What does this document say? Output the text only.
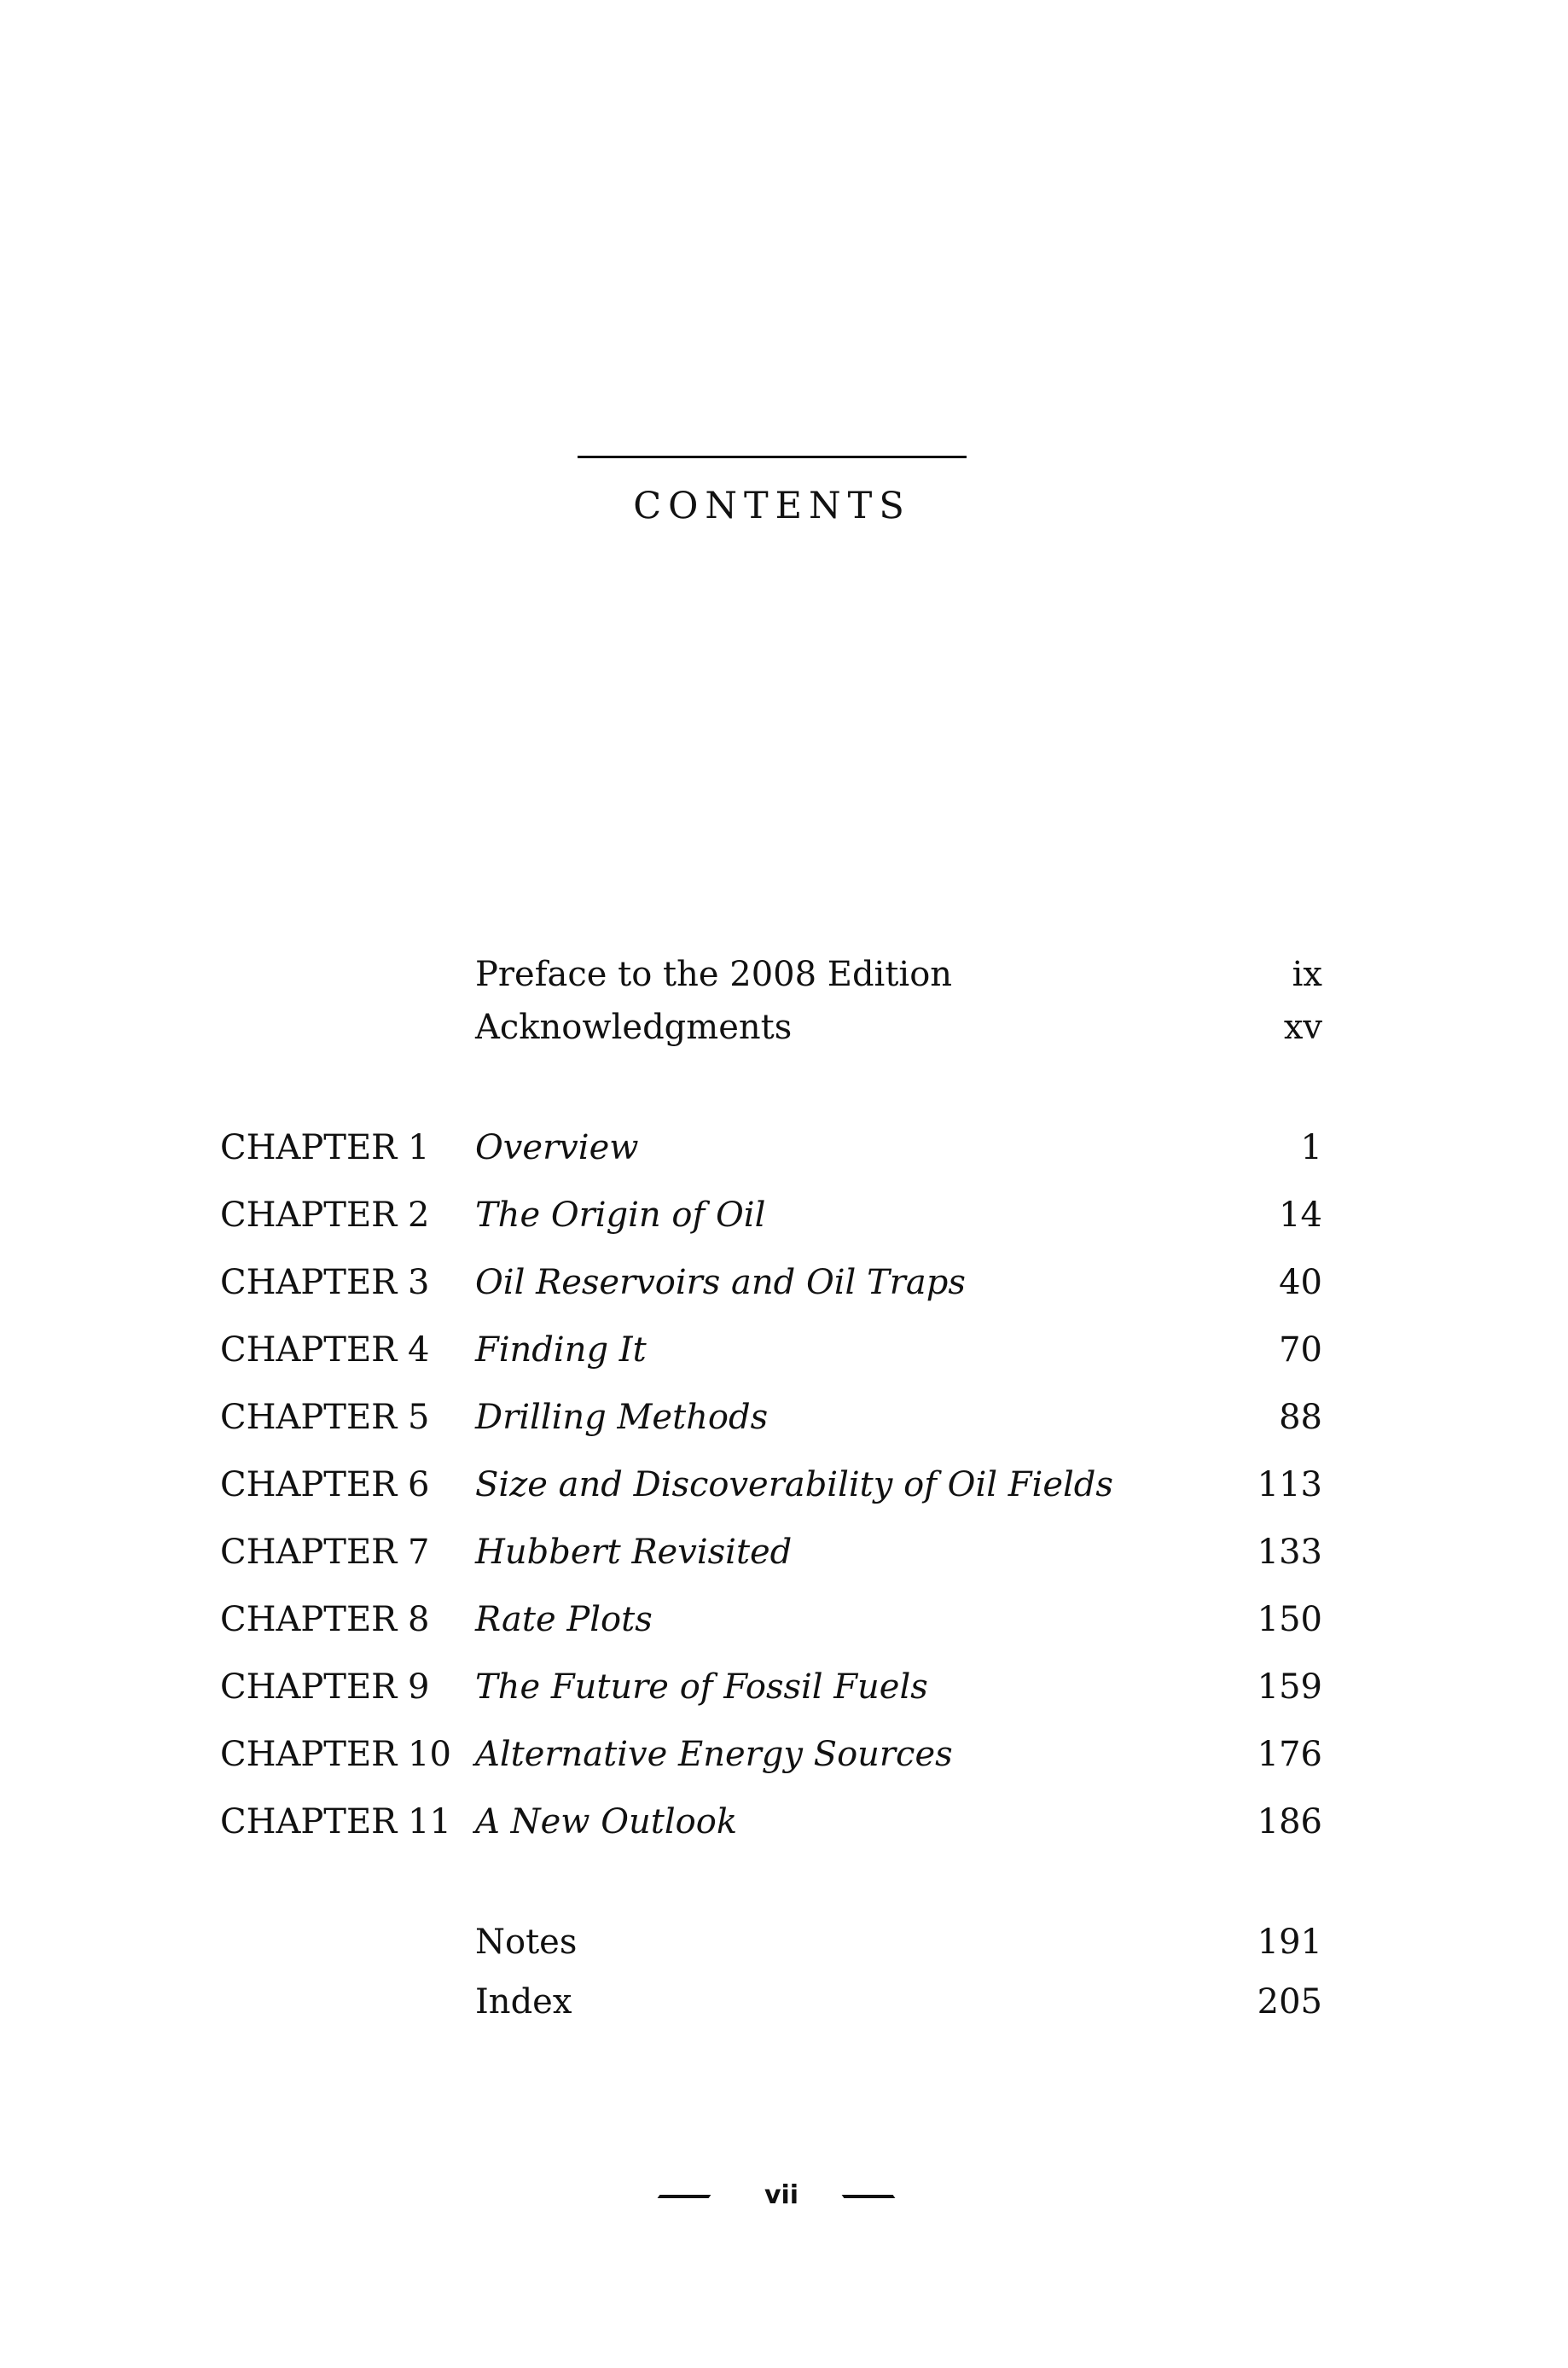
CONTENTS
Preface to the 2008 Edition	ix
Acknowledgments	xv
CHAPTER 1	Overview	1
CHAPTER 2	The Origin of Oil	14
CHAPTER 3	Oil Reservoirs and Oil Traps	40
CHAPTER 4	Finding It	70
CHAPTER 5	Drilling Methods	88
CHAPTER 6	Size and Discoverability of Oil Fields	113
CHAPTER 7	Hubbert Revisited	133
CHAPTER 8	Rate Plots	150
CHAPTER 9	The Future of Fossil Fuels	159
CHAPTER 10 Alternative Energy Sources	176
CHAPTER 11 A New Outlook	186
Notes	191
Index	205
vii
